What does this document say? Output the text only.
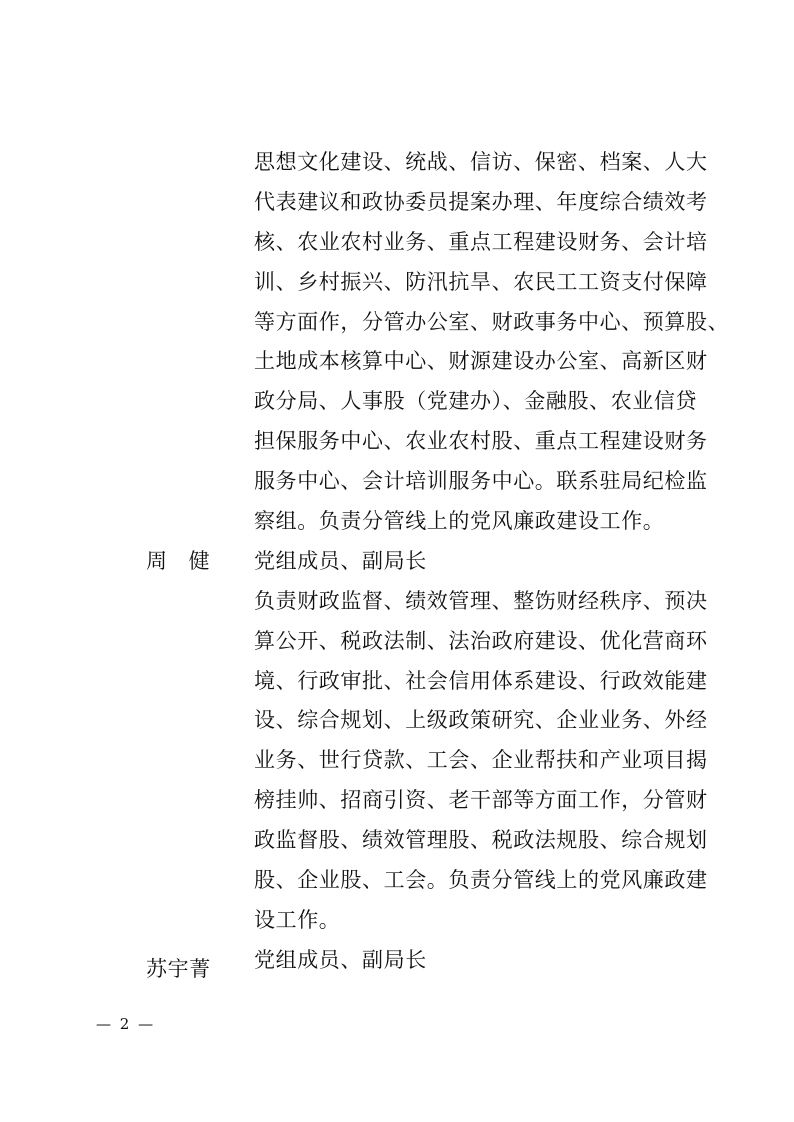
思想文化建设、统战、信访、保密、档案、人大
代表建议和政协委员提案办理、年度综合绩效考
核、农业农村业务、重点工程建设财务、会计培
训、乡村振兴、防汛抗旱、农民工工资支付保障
等方面作，分管办公室、财政事务中心、预算股、
土地成本核算中心、财源建设办公室、高新区财
政分局、人事股（党建办）、金融股、农业信贷
担保服务中心、农业农村股、重点工程建设财务
服务中心、会计培训服务中心。联系驻局纪检监
察组。负责分管线上的党风廉政建设工作。
党组成员、副局长
负责财政监督、绩效管理、整饬财经秩序、预决
算公开、税政法制、法治政府建设、优化营商环
境、行政审批、社会信用体系建设、行政效能建
设、综合规划、上级政策研究、企业业务、外经
业务、世行贷款、工会、企业帮扶和产业项目揭
榜挂帅、招商引资、老干部等方面工作，分管财
政监督股、绩效管理股、税政法规股、综合规划
股、企业股、工会。负责分管线上的党风廉政建
设工作。
党组成员、副局长
周 健
苏宇菁
— 2 —
